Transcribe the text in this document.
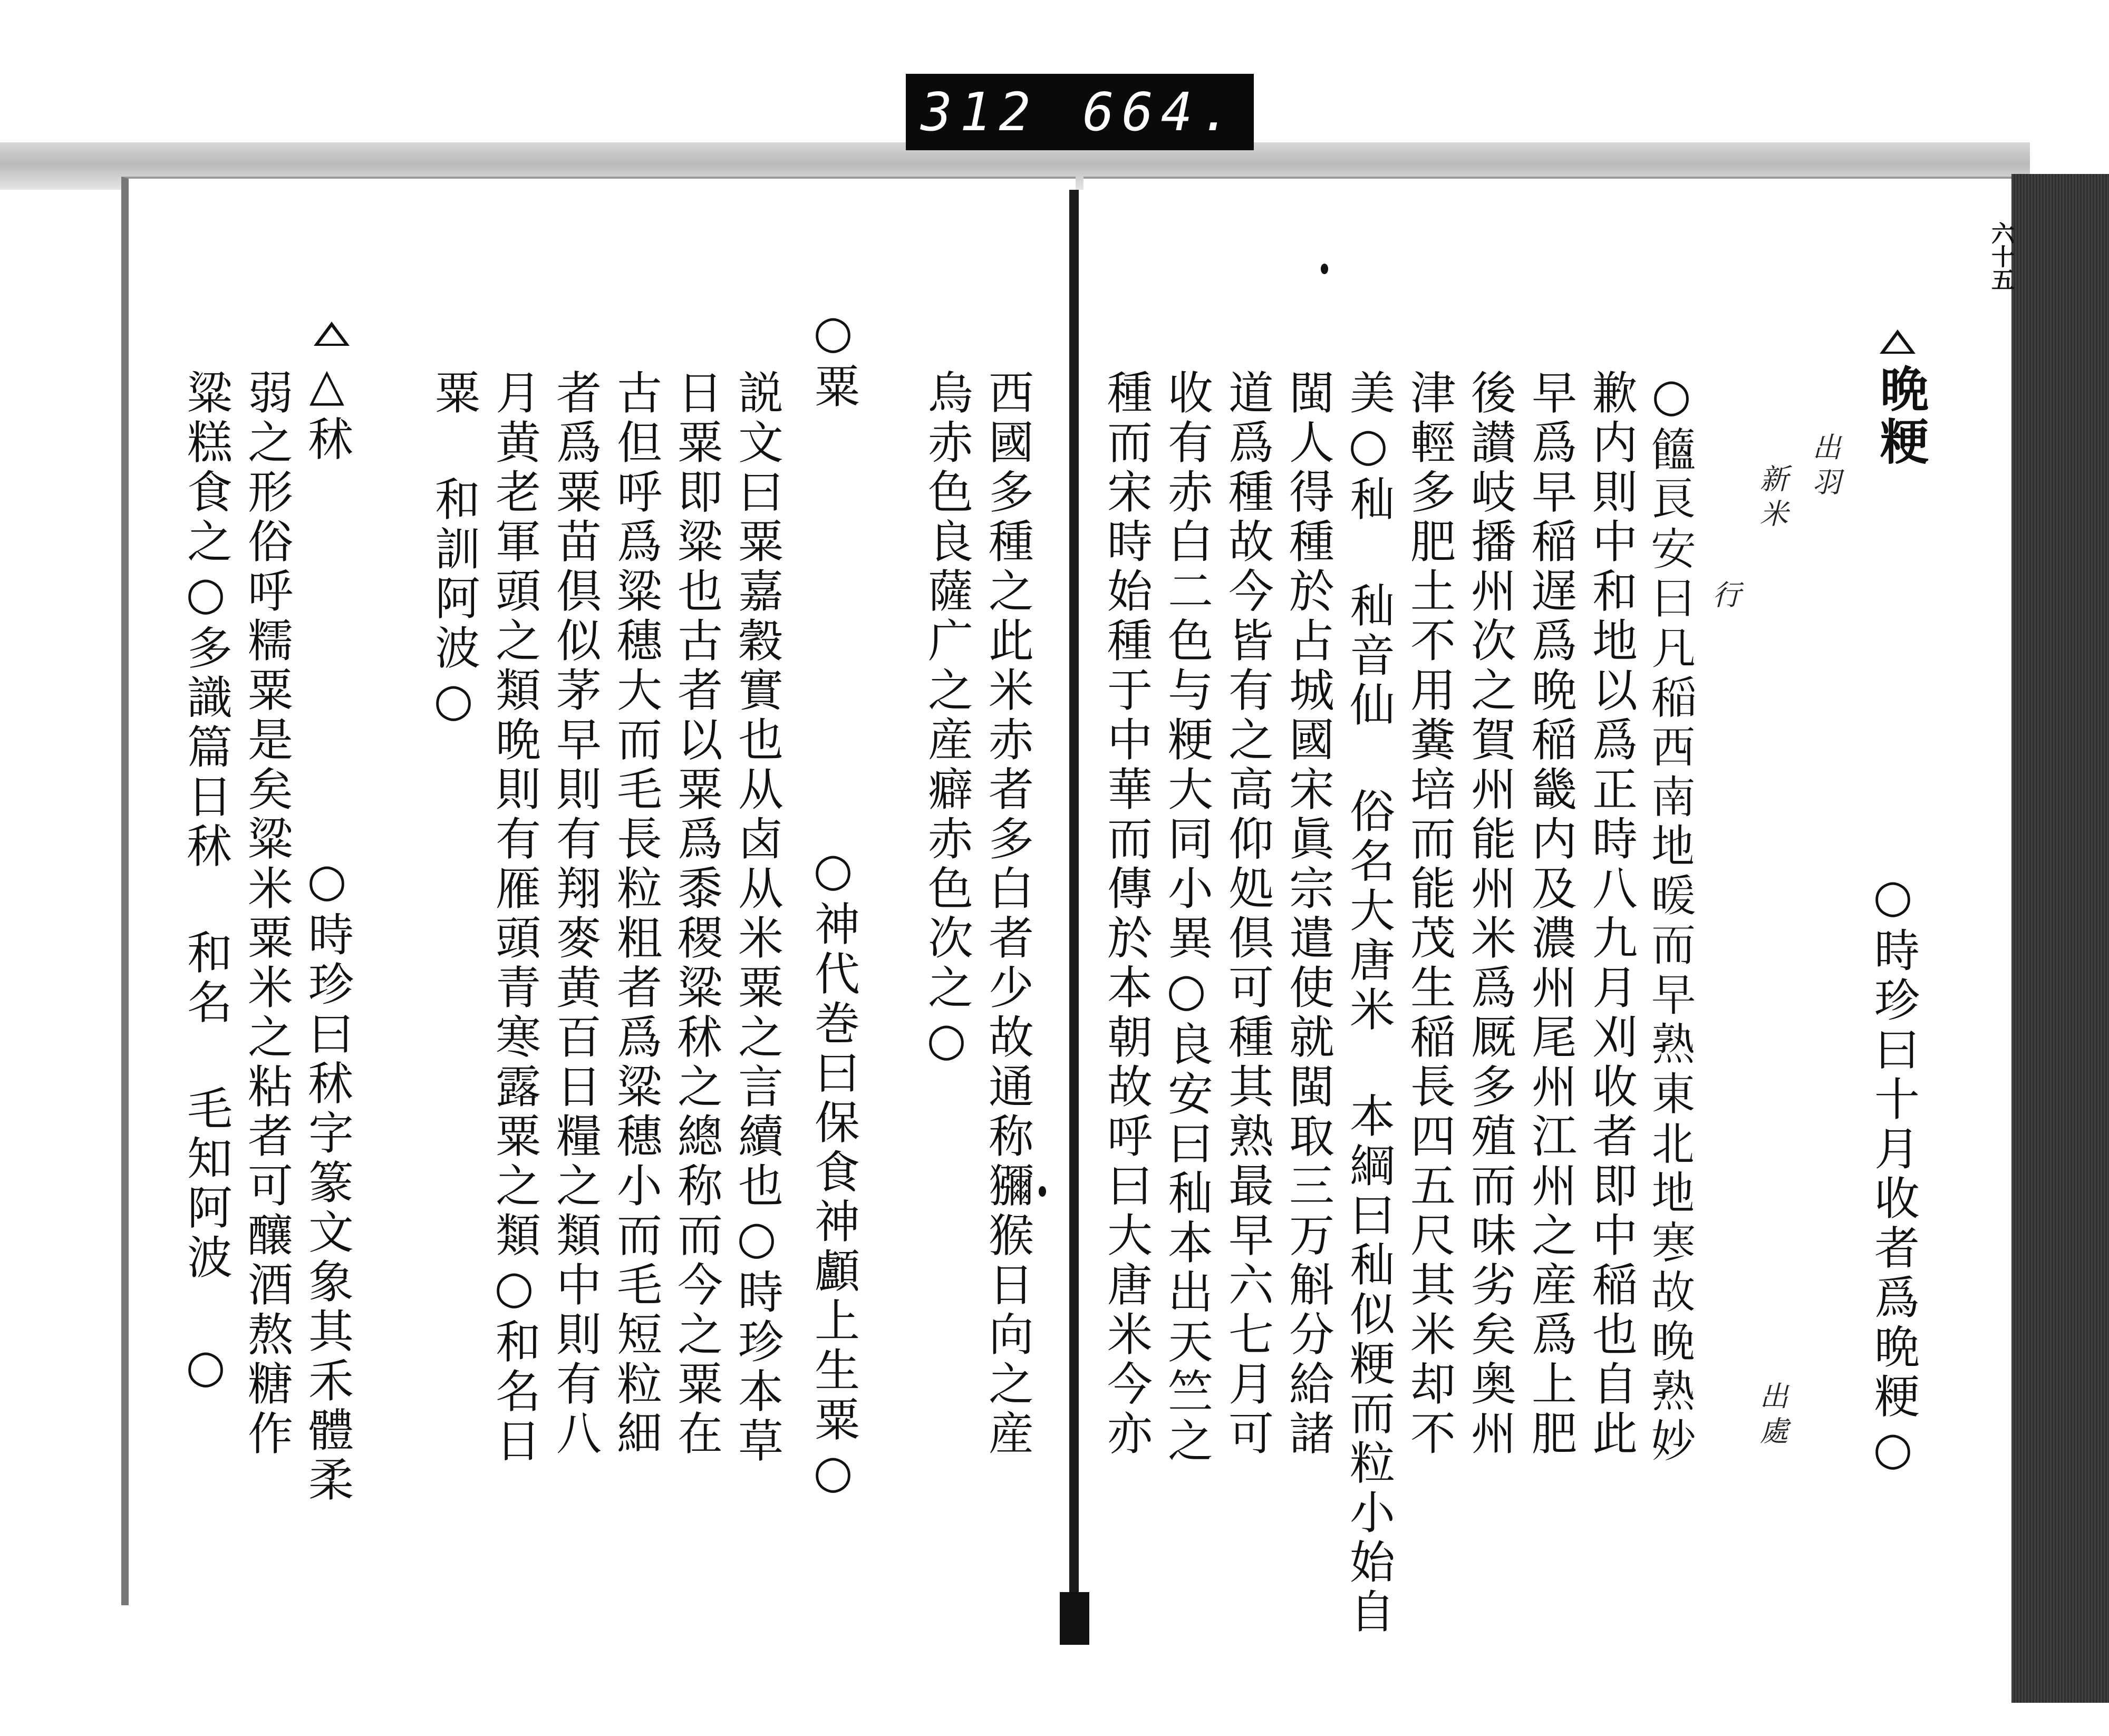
312 664.
六十五
晩粳
出羽
新米
行
出處 ○時珍曰十月收者爲晩粳○
○𩟤良安曰凡稲西南地暖而早熟東北地寒故晩熟妙
歉内則中和地以爲正時八九月刈收者即中稲也自此
早爲早稲遅爲晩稲畿内及濃州尾州江州之産爲上肥
後讃岐播州次之賀州能州米爲厩多殖而味劣矣奥州
津輕多肥土不用糞培而能茂生稲長四五尺其米却不
美○秈 秈音仙 俗名大唐米 本綱曰秈似粳而粒小始自
閩人得種於占城國宋眞宗遣使就閩取三万斛分給諸
道爲種故今皆有之高仰処倶可種其熟最早六七月可
收有赤白二色与粳大同小異○良安曰秈本出天竺之
種而宋時始種于中華而傳於本朝故呼曰大唐米今亦
西國多種之此米赤者多白者少故通称獼猴日向之産
烏赤色良薩广之産癖赤色次之○
○粟
○神代巻曰保食神顱上生粟○
説文曰粟嘉穀實也从卤从米粟之言續也○時珍本草
日粟即粱也古者以粟爲黍稷粱秫之總称而今之粟在
古但呼爲粱穗大而毛長粒粗者爲粱穗小而毛短粒細
者爲粟苗倶似茅早則有翔麥黄百日糧之類中則有八
月黄老軍頭之類晩則有雁頭青寒露粟之類○和名日
粟 和訓阿波○
△秫
○時珍曰秫字篆文象其禾體柔
弱之形俗呼糯粟是矣粱米粟米之粘者可釀酒熬糖作
粱糕食之○多識篇日秫 和名 毛知阿波 ○
